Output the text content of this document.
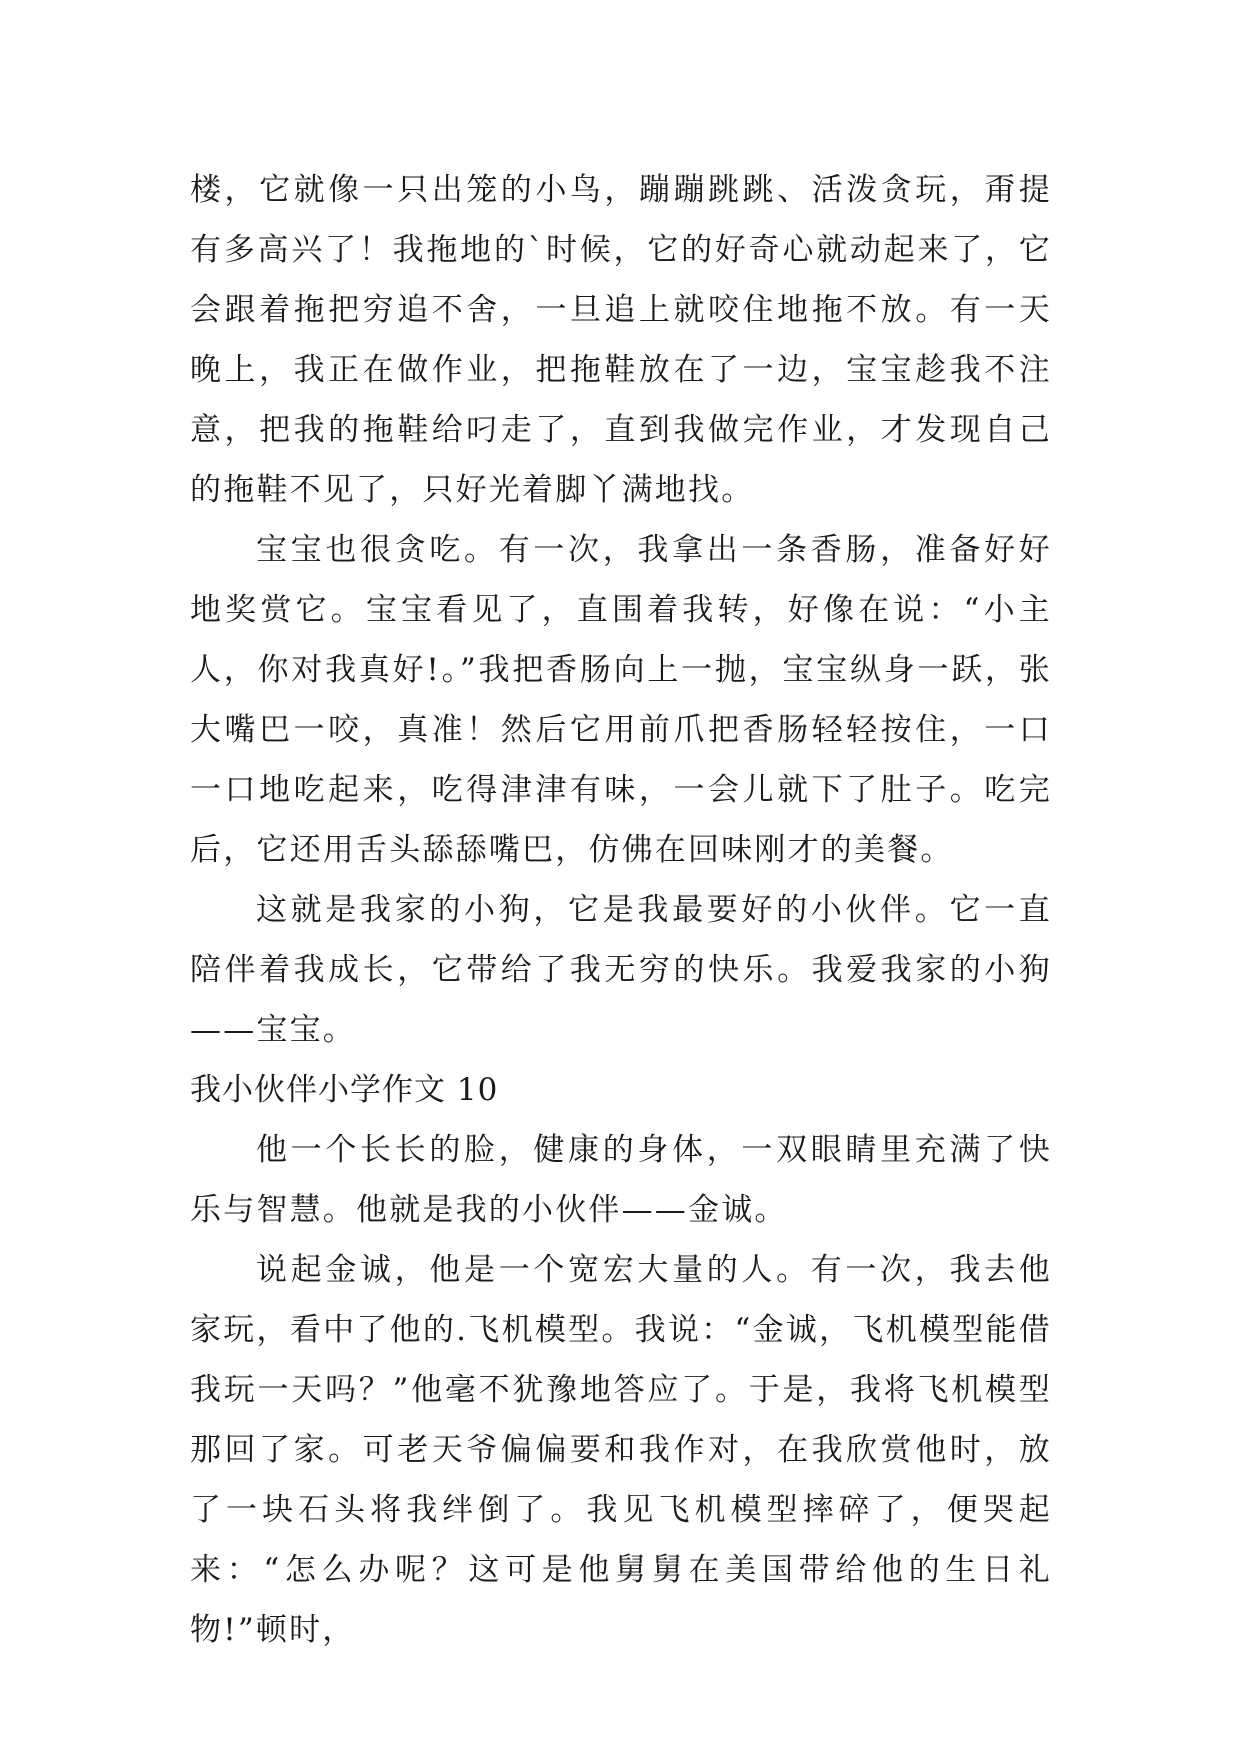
楼，它就像一只出笼的小鸟，蹦蹦跳跳、活泼贪玩，甭提有多高兴了！我拖地的`时候，它的好奇心就动起来了，它会跟着拖把穷追不舍，一旦追上就咬住地拖不放。有一天晚上，我正在做作业，把拖鞋放在了一边，宝宝趁我不注意，把我的拖鞋给叼走了，直到我做完作业，才发现自己的拖鞋不见了，只好光着脚丫满地找。

宝宝也很贪吃。有一次，我拿出一条香肠，准备好好地奖赏它。宝宝看见了，直围着我转，好像在说：“小主人，你对我真好!。”我把香肠向上一抛，宝宝纵身一跃，张大嘴巴一咬，真准！然后它用前爪把香肠轻轻按住，一口一口地吃起来，吃得津津有味，一会儿就下了肚子。吃完后，它还用舌头舔舔嘴巴，仿佛在回味刚才的美餐。

这就是我家的小狗，它是我最要好的小伙伴。它一直陪伴着我成长，它带给了我无穷的快乐。我爱我家的小狗——宝宝。

我小伙伴小学作文 10

他一个长长的脸，健康的身体，一双眼睛里充满了快乐与智慧。他就是我的小伙伴——金诚。

说起金诚，他是一个宽宏大量的人。有一次，我去他家玩，看中了他的.飞机模型。我说：“金诚，飞机模型能借我玩一天吗？”他毫不犹豫地答应了。于是，我将飞机模型那回了家。可老天爷偏偏要和我作对，在我欣赏他时，放了一块石头将我绊倒了。我见飞机模型摔碎了，便哭起来：“怎么办呢？这可是他舅舅在美国带给他的生日礼物!”顿时，
